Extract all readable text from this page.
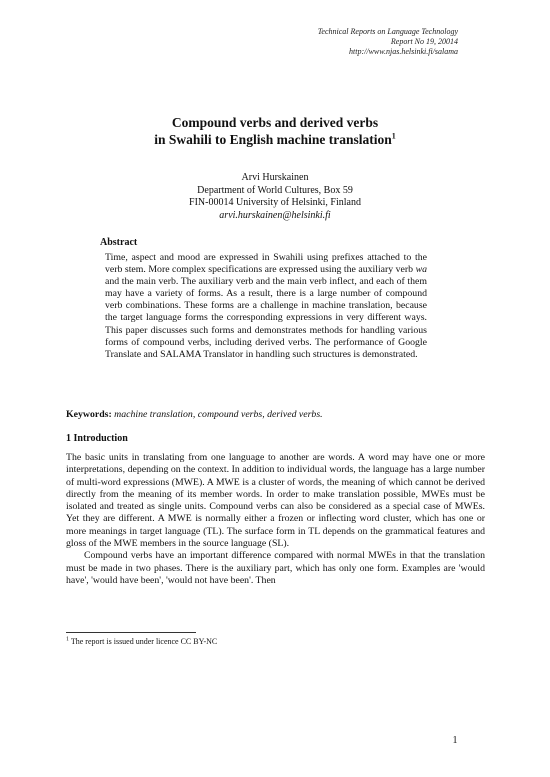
Technical Reports on Language Technology
Report No 19, 20014
http://www.njas.helsinki.fi/salama
Compound verbs and derived verbs
in Swahili to English machine translation$^1$
Arvi Hurskainen
Department of World Cultures, Box 59
FIN-00014 University of Helsinki, Finland
arvi.hurskainen@helsinki.fi
Abstract
Time, aspect and mood are expressed in Swahili using prefixes attached to the verb stem. More complex specifications are expressed using the auxiliary verb wa and the main verb. The auxiliary verb and the main verb inflect, and each of them may have a variety of forms. As a result, there is a large number of compound verb combinations. These forms are a challenge in machine translation, because the target language forms the corresponding expressions in very different ways. This paper discusses such forms and demonstrates methods for handling various forms of compound verbs, including derived verbs. The performance of Google Translate and SALAMA Translator in handling such structures is demonstrated.
Keywords: machine translation, compound verbs, derived verbs.
1 Introduction

The basic units in translating from one language to another are words. A word may have one or more interpretations, depending on the context. In addition to individual words, the language has a large number of multi-word expressions (MWE). A MWE is a cluster of words, the meaning of which cannot be derived directly from the meaning of its member words. In order to make translation possible, MWEs must be isolated and treated as single units. Compound verbs can also be considered as a special case of MWEs. Yet they are different. A MWE is normally either a frozen or inflecting word cluster, which has one or more meanings in target language (TL). The surface form in TL depends on the grammatical features and gloss of the MWE members in the source language (SL).

Compound verbs have an important difference compared with normal MWEs in that the translation must be made in two phases. There is the auxiliary part, which has only one form. Examples are 'would have', 'would have been', 'would not have been'. Then

$^1$ The report is issued under licence CC BY-NC
1
